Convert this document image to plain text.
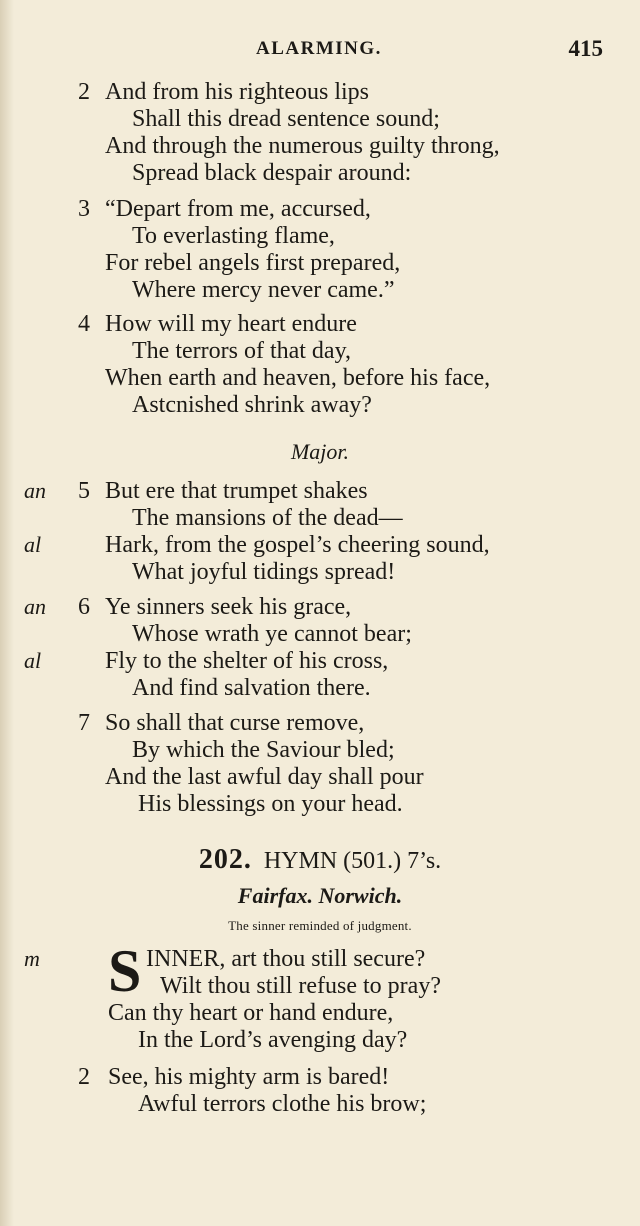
ALARMING.	415
2 And from his righteous lips
Shall this dread sentence sound;
And through the numerous guilty throng,
Spread black despair around:
3 “Depart from me, accursed,
To everlasting flame,
For rebel angels first prepared,
Where mercy never came.”
4 How will my heart endure
The terrors of that day,
When earth and heaven, before his face,
Astcnished shrink away?
Major.
an 5 But ere that trumpet shakes
The mansions of the dead—
al	Hark, from the gospel’s cheering sound,
What joyful tidings spread!
an 6 Ye sinners seek his grace,
Whose wrath ye cannot bear;
al	Fly to the shelter of his cross,
And find salvation there.
7 So shall that curse remove,
By which the Saviour bled;
And the last awful day shall pour
His blessings on your head.
202. HYMN (501.) 7’s.
Fairfax. Norwich.
The sinner reminded of judgment.
m S INNER, art thou still secure?
Wilt thou still refuse to pray?
Can thy heart or hand endure,
In the Lord’s avenging day?
2 See, his mighty arm is bared!
Awful terrors clothe his brow;
